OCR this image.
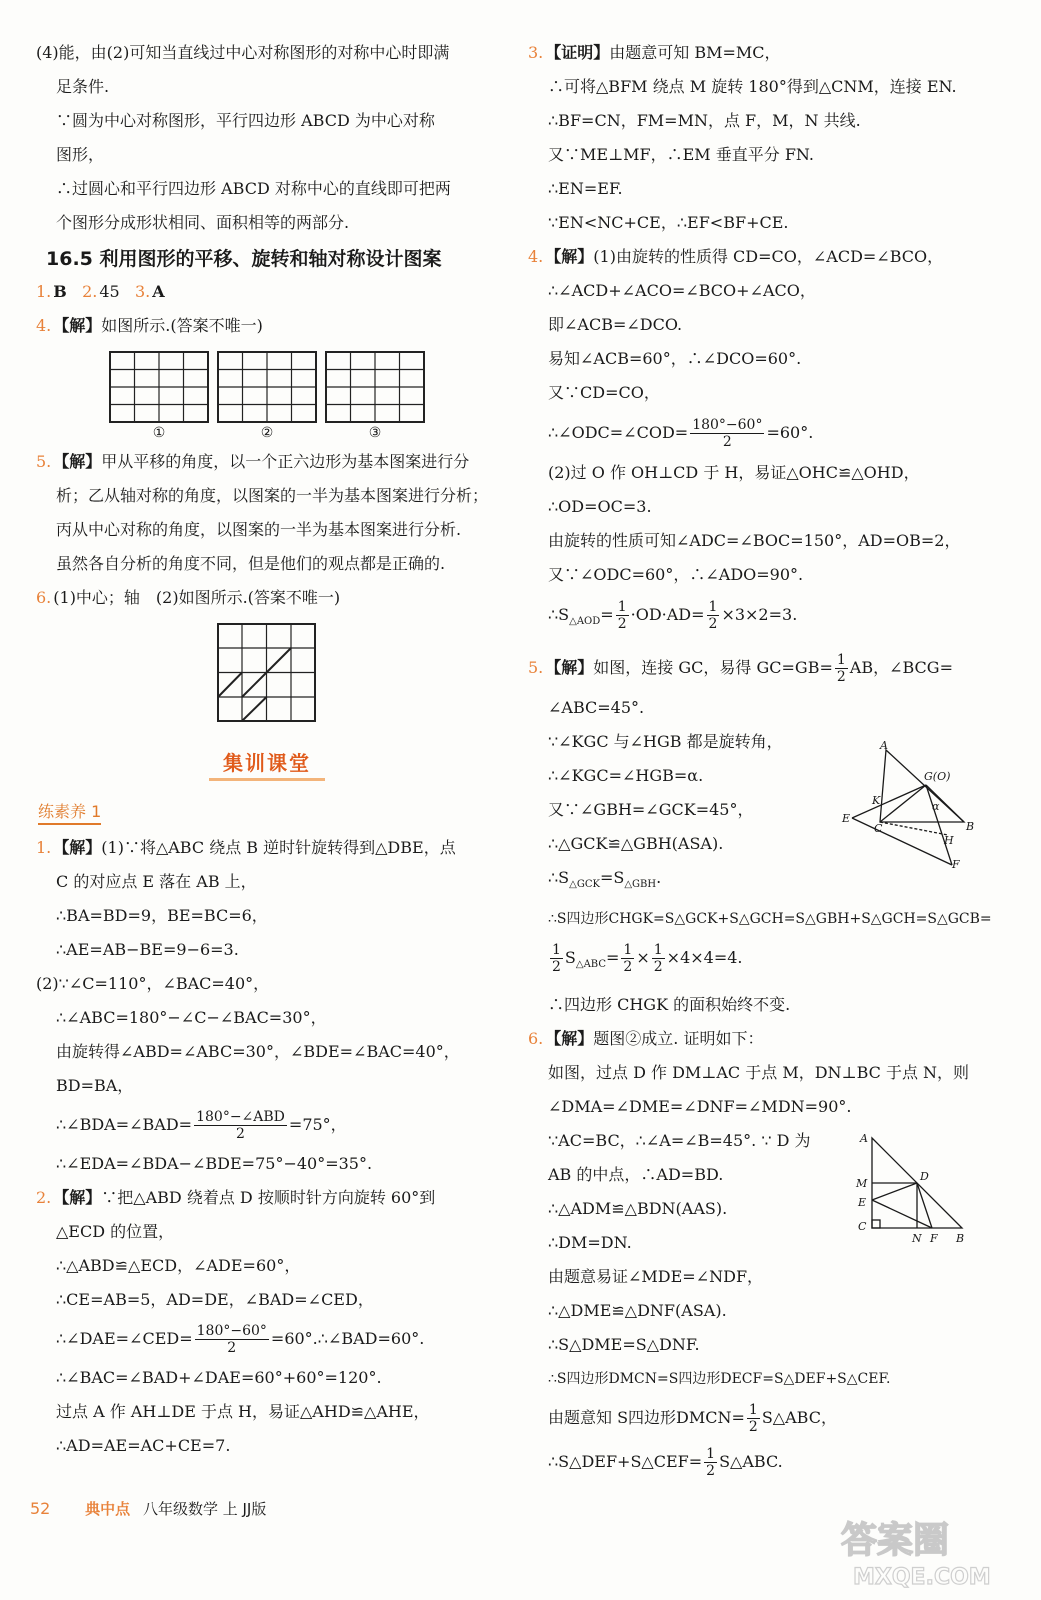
(4)能，由(2)可知当直线过中心对称图形的对称中心时即满
足条件.
∵圆为中心对称图形，平行四边形 ABCD 为中心对称
图形，
∴过圆心和平行四边形 ABCD 对称中心的直线即可把两
个图形分成形状相同、面积相等的两部分.
16.5 利用图形的平移、旋转和轴对称设计图案
1. B 2. 45 3. A
4. 【解】如图所示.(答案不唯一)
①	②	③
5. 【解】甲从平移的角度，以一个正六边形为基本图案进行分
析；乙从轴对称的角度，以图案的一半为基本图案进行分析；
丙从中心对称的角度，以图案的一半为基本图案进行分析.
虽然各自分析的角度不同，但是他们的观点都是正确的.
6. (1)中心；轴　(2)如图所示.(答案不唯一)
集训课堂
练素养 1
1. 【解】(1)∵将△ABC 绕点 B 逆时针旋转得到△DBE，点
C 的对应点 E 落在 AB 上，
∴BA=BD=9，BE=BC=6，
∴AE=AB−BE=9−6=3.
(2)∵∠C=110°，∠BAC=40°，
∴∠ABC=180°−∠C−∠BAC=30°，
由旋转得∠ABD=∠ABC=30°，∠BDE=∠BAC=40°，
BD=BA，
∴∠BDA=∠BAD= $\frac{\text{180°−∠ABD}}{2} =75^\circ$，
∴∠EDA=∠BDA−∠BDE=75°−40°=35°.
2. 【解】∵把△ABD 绕着点 D 按顺时针方向旋转 60°到
△ECD 的位置，
∴△ABD≌△ECD，∠ADE=60°，
∴CE=AB=5，AD=DE，∠BAD=∠CED，
∴∠DAE=∠CED= $\frac{180^\circ-60^\circ}{2}$ =60°.∴∠BAD=60°.
∴∠BAC=∠BAD+∠DAE=60°+60°=120°.
过点 A 作 AH⊥DE 于点 H，易证△AHD≌△AHE，
∴AD=AE=AC+CE=7.
3. 【证明】由题意可知 BM=MC，
∴可将△BFM 绕点 M 旋转 180°得到△CNM，连接 EN.
∴BF=CN，FM=MN，点 F，M，N 共线.
又∵ME⊥MF，∴EM 垂直平分 FN.
∴EN=EF.
∵EN<NC+CE，∴EF<BF+CE.
4. 【解】(1)由旋转的性质得 CD=CO，∠ACD=∠BCO，
∴∠ACD+∠ACO=∠BCO+∠ACO，
即∠ACB=∠DCO.
易知∠ACB=60°，∴∠DCO=60°.
又∵CD=CO，
∴∠ODC=∠COD= $\frac{180^\circ-60^\circ}{2} =60^\circ$.
(2)过 O 作 OH⊥CD 于 H，易证△OHC≌△OHD，
∴OD=OC=3.
由旋转的性质可知∠ADC=∠BOC=150°，AD=OB=2，
又∵∠ODC=60°，∴∠ADO=90°.
$\therefore S_{\triangle AOD}= \frac{1}{2} \cdot OD\cdot AD= \frac{1}{2} \times 3\times 2=3$.
5. 【解】如图，连接 GC，易得 $GC=GB= \frac{1}{2}$ AB，∠BCG=
∠ABC=45°.
∵∠KGC 与∠HGB 都是旋转角，
∴∠KGC=∠HGB=α.
又∵∠GBH=∠GCK=45°，
∴△GCK≌△GBH(ASA).
$\therefore S_{\triangle GCK}=S_{\triangle GBH}$.
∴S四边形CHGK=S△GCK+S△GCH=S△GBH+S△GCH=S△GCB=
$\frac{1}{2} S_{\triangle ABC}= \frac{1}{2} \times \frac{1}{2} \times 4\times 4=4$.
∴四边形 CHGK 的面积始终不变.
6. 【解】题图②成立. 证明如下：
如图，过点 D 作 DM⊥AC 于点 M，DN⊥BC 于点 N，则
∠DMA=∠DME=∠DNF=∠MDN=90°.
∵AC=BC，∴∠A=∠B=45°. ∵ D 为
AB 的中点，∴AD=BD.
∴△ADM≌△BDN(AAS).
∴DM=DN.
由题意易证∠MDE=∠NDF，
∴△DME≌△DNF(ASA).
∴S△DME=S△DNF.
∴S四边形DMCN=S四边形DECF=S△DEF+S△CEF.
由题意知 S四边形DMCN= $\frac{1}{2}$ S△ABC，
∴S△DEF+S△CEF= $\frac{1}{2}$ S△ABC.
A
G(O)
K
E
C
α
B
H
F
A
D
M
E
C
N F B
52 典中点 八年级数学 上 JJ版
答案圈
MXQE.COM
